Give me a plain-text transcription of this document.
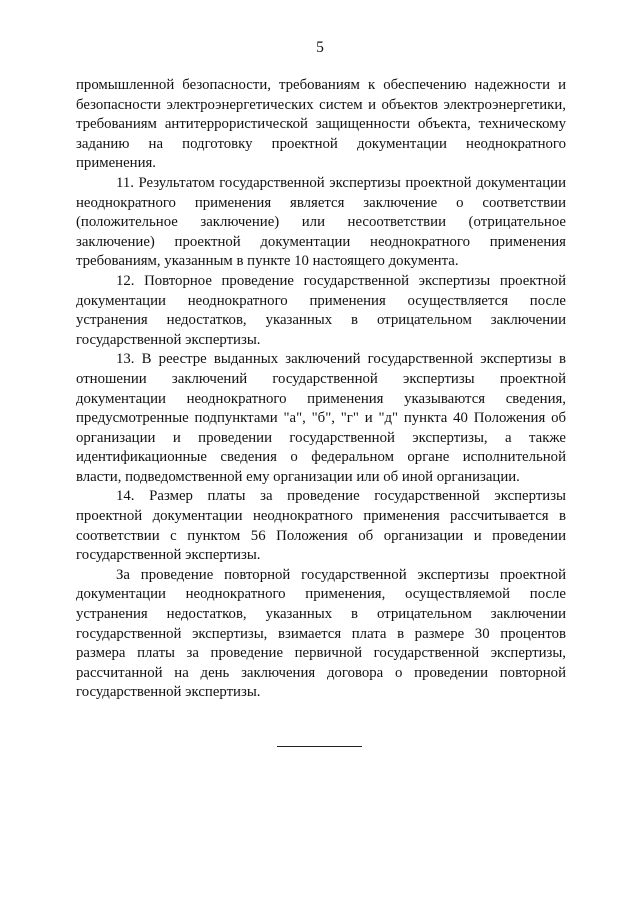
5

промышленной безопасности, требованиям к обеспечению надежности и безопасности электроэнергетических систем и объектов электроэнергетики, требованиям антитеррористической защищенности объекта, техническому заданию на подготовку проектной документации неоднократного применения.

11. Результатом государственной экспертизы проектной документации неоднократного применения является заключение о соответствии (положительное заключение) или несоответствии (отрицательное заключение) проектной документации неоднократного применения требованиям, указанным в пункте 10 настоящего документа.

12. Повторное проведение государственной экспертизы проектной документации неоднократного применения осуществляется после устранения недостатков, указанных в отрицательном заключении государственной экспертизы.

13. В реестре выданных заключений государственной экспертизы в отношении заключений государственной экспертизы проектной документации неоднократного применения указываются сведения, предусмотренные подпунктами "а", "б", "г" и "д" пункта 40 Положения об организации и проведении государственной экспертизы, а также идентификационные сведения о федеральном органе исполнительной власти, подведомственной ему организации или об иной организации.

14. Размер платы за проведение государственной экспертизы проектной документации неоднократного применения рассчитывается в соответствии с пунктом 56 Положения об организации и проведении государственной экспертизы.

За проведение повторной государственной экспертизы проектной документации неоднократного применения, осуществляемой после устранения недостатков, указанных в отрицательном заключении государственной экспертизы, взимается плата в размере 30 процентов размера платы за проведение первичной государственной экспертизы, рассчитанной на день заключения договора о проведении повторной государственной экспертизы.
